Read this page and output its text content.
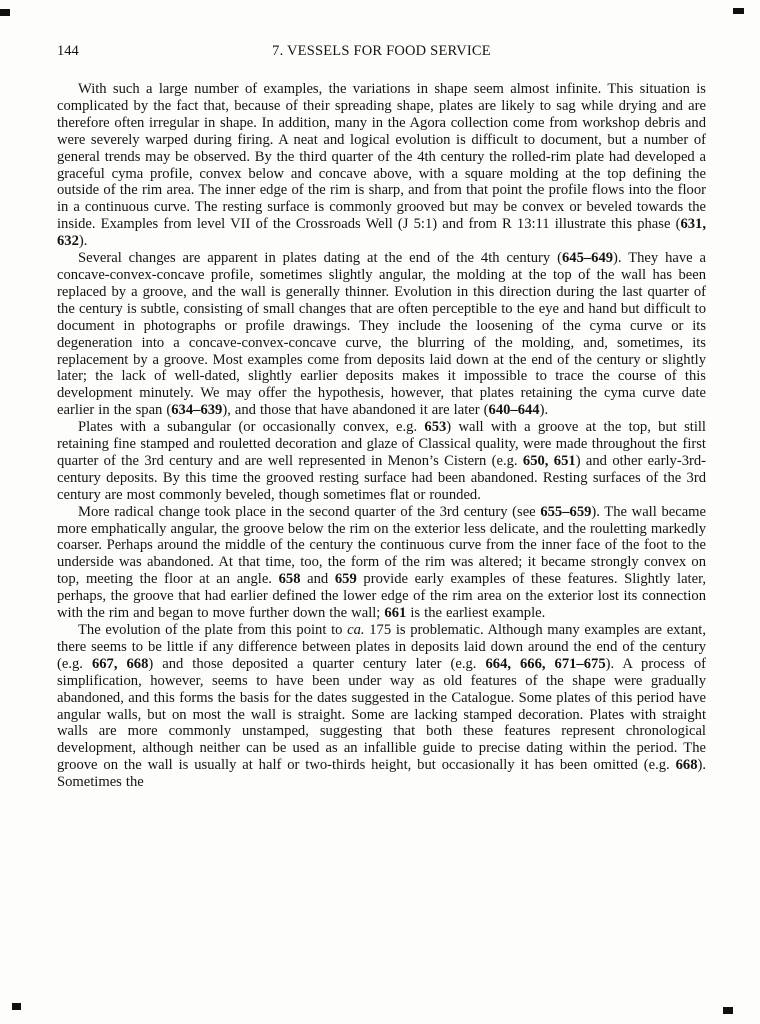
144	7. VESSELS FOR FOOD SERVICE

With such a large number of examples, the variations in shape seem almost infinite. This situation is complicated by the fact that, because of their spreading shape, plates are likely to sag while drying and are therefore often irregular in shape. In addition, many in the Agora collection come from workshop debris and were severely warped during firing. A neat and logical evolution is difficult to document, but a number of general trends may be observed. By the third quarter of the 4th century the rolled-rim plate had developed a graceful cyma profile, convex below and concave above, with a square molding at the top defining the outside of the rim area. The inner edge of the rim is sharp, and from that point the profile flows into the floor in a continuous curve. The resting surface is commonly grooved but may be convex or beveled towards the inside. Examples from level VII of the Crossroads Well (J 5:1) and from R 13:11 illustrate this phase (631, 632).

Several changes are apparent in plates dating at the end of the 4th century (645–649). They have a concave-convex-concave profile, sometimes slightly angular, the molding at the top of the wall has been replaced by a groove, and the wall is generally thinner. Evolution in this direction during the last quarter of the century is subtle, consisting of small changes that are often perceptible to the eye and hand but difficult to document in photographs or profile drawings. They include the loosening of the cyma curve or its degeneration into a concave-convex-concave curve, the blurring of the molding, and, sometimes, its replacement by a groove. Most examples come from deposits laid down at the end of the century or slightly later; the lack of well-dated, slightly earlier deposits makes it impossible to trace the course of this development minutely. We may offer the hypothesis, however, that plates retaining the cyma curve date earlier in the span (634–639), and those that have abandoned it are later (640–644).

Plates with a subangular (or occasionally convex, e.g. 653) wall with a groove at the top, but still retaining fine stamped and rouletted decoration and glaze of Classical quality, were made throughout the first quarter of the 3rd century and are well represented in Menon’s Cistern (e.g. 650, 651) and other early-3rd-century deposits. By this time the grooved resting surface had been abandoned. Resting surfaces of the 3rd century are most commonly beveled, though sometimes flat or rounded.

More radical change took place in the second quarter of the 3rd century (see 655–659). The wall became more emphatically angular, the groove below the rim on the exterior less delicate, and the rouletting markedly coarser. Perhaps around the middle of the century the continuous curve from the inner face of the foot to the underside was abandoned. At that time, too, the form of the rim was altered; it became strongly convex on top, meeting the floor at an angle. 658 and 659 provide early examples of these features. Slightly later, perhaps, the groove that had earlier defined the lower edge of the rim area on the exterior lost its connection with the rim and began to move further down the wall; 661 is the earliest example.

The evolution of the plate from this point to ca. 175 is problematic. Although many examples are extant, there seems to be little if any difference between plates in deposits laid down around the end of the century (e.g. 667, 668) and those deposited a quarter century later (e.g. 664, 666, 671–675). A process of simplification, however, seems to have been under way as old features of the shape were gradually abandoned, and this forms the basis for the dates suggested in the Catalogue. Some plates of this period have angular walls, but on most the wall is straight. Some are lacking stamped decoration. Plates with straight walls are more commonly unstamped, suggesting that both these features represent chronological development, although neither can be used as an infallible guide to precise dating within the period. The groove on the wall is usually at half or two-thirds height, but occasionally it has been omitted (e.g. 668). Sometimes the
